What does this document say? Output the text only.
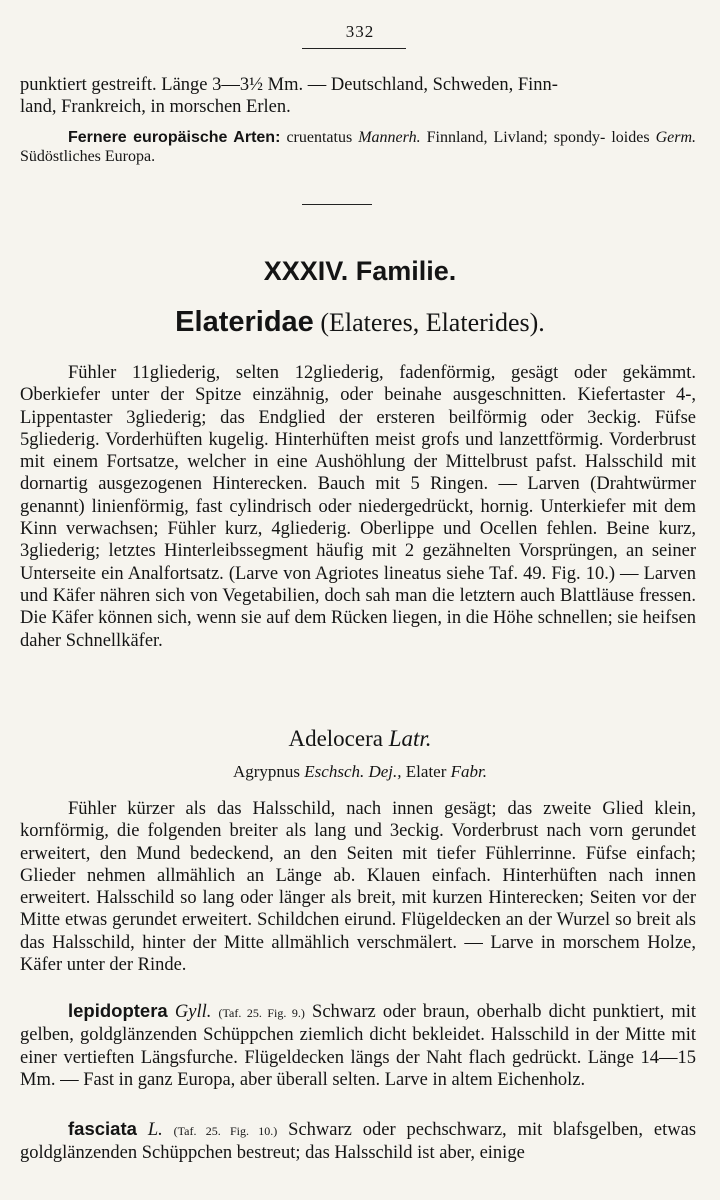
332
punktiert gestreift. Länge 3—3½ Mm. — Deutschland, Schweden, Finn-
land, Frankreich, in morschen Erlen.
Fernere europäische Arten: cruentatus Mannerh. Finnland, Livland; spondy- loides Germ. Südöstliches Europa.
XXXIV. Familie.
Elateridae (Elateres, Elaterides).
Fühler 11gliederig, selten 12gliederig, fadenförmig, gesägt oder gekämmt. Oberkiefer unter der Spitze einzähnig, oder beinahe ausgeschnitten. Kiefertaster 4-, Lippentaster 3gliederig; das Endglied der ersteren beilförmig oder 3eckig. Füfse 5gliederig. Vorderhüften kugelig. Hinterhüften meist grofs und lanzettförmig. Vorderbrust mit einem Fortsatze, welcher in eine Aushöhlung der Mittelbrust pafst. Halsschild mit dornartig ausgezogenen Hinterecken. Bauch mit 5 Ringen. — Larven (Drahtwürmer genannt) linienförmig, fast cylindrisch oder niedergedrückt, hornig. Unterkiefer mit dem Kinn verwachsen; Fühler kurz, 4gliederig. Oberlippe und Ocellen fehlen. Beine kurz, 3gliederig; letztes Hinterleibssegment häufig mit 2 gezähnelten Vorsprüngen, an seiner Unterseite ein Analfortsatz. (Larve von Agriotes lineatus siehe Taf. 49. Fig. 10.) — Larven und Käfer nähren sich von Vegetabilien, doch sah man die letztern auch Blattläuse fressen. Die Käfer können sich, wenn sie auf dem Rücken liegen, in die Höhe schnellen; sie heifsen daher Schnellkäfer.
Adelocera Latr.
Agrypnus Eschsch. Dej., Elater Fabr.
Fühler kürzer als das Halsschild, nach innen gesägt; das zweite Glied klein, kornförmig, die folgenden breiter als lang und 3eckig. Vorderbrust nach vorn gerundet erweitert, den Mund bedeckend, an den Seiten mit tiefer Fühlerrinne. Füfse einfach; Glieder nehmen allmählich an Länge ab. Klauen einfach. Hinterhüften nach innen erweitert. Halsschild so lang oder länger als breit, mit kurzen Hinterecken; Seiten vor der Mitte etwas gerundet erweitert. Schildchen eirund. Flügeldecken an der Wurzel so breit als das Halsschild, hinter der Mitte allmählich verschmälert. — Larve in morschem Holze, Käfer unter der Rinde.
lepidoptera Gyll. (Taf. 25. Fig. 9.) Schwarz oder braun, oberhalb dicht punktiert, mit gelben, goldglänzenden Schüppchen ziemlich dicht bekleidet. Halsschild in der Mitte mit einer vertieften Längsfurche. Flügeldecken längs der Naht flach gedrückt. Länge 14—15 Mm. — Fast in ganz Europa, aber überall selten. Larve in altem Eichenholz.
fasciata L. (Taf. 25. Fig. 10.) Schwarz oder pechschwarz, mit blafsgelben, etwas goldglänzenden Schüppchen bestreut; das Halsschild ist aber, einige
